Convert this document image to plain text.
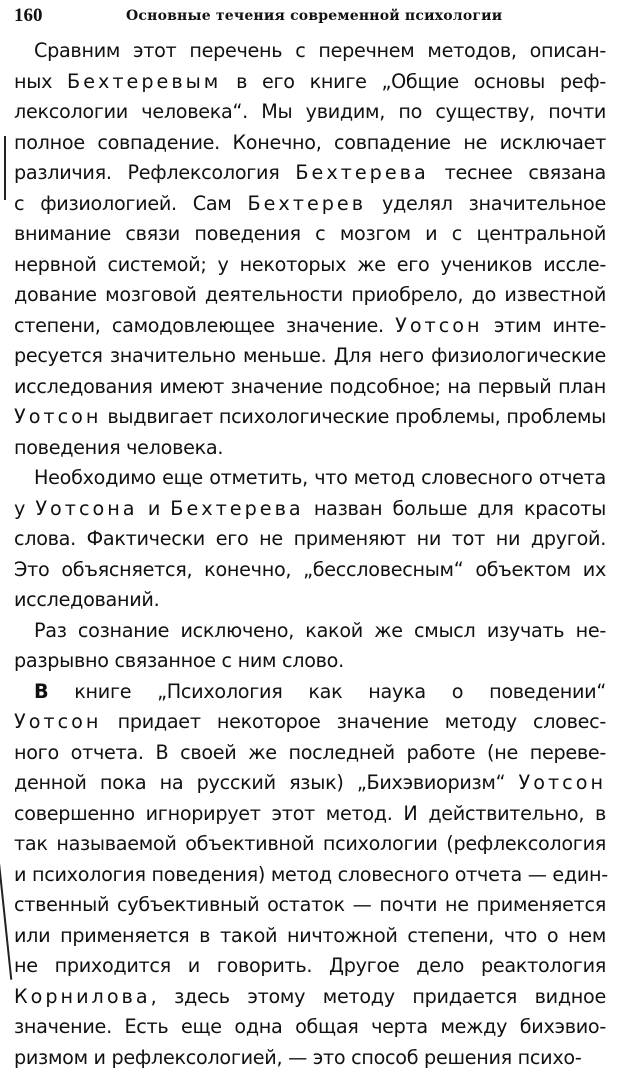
160	Основные течения современной психологии
Сравним этот перечень с перечнем методов, описан-
ных Бехтеревым в его книге „Общие основы реф-
лексологии человека“. Мы увидим, по существу, почти
полное совпадение. Конечно, совпадение не исключает
различия. Рефлексология Бехтерева теснее связана
с физиологией. Сам Бехтерев уделял значительное
внимание связи поведения с мозгом и с центральной
нервной системой; у некоторых же его учеников иссле-
дование мозговой деятельности приобрело, до известной
степени, самодовлеющее значение. Уотсон этим инте-
ресуется значительно меньше. Для него физиологические
исследования имеют значение подсобное; на первый план
Уотсон выдвигает психологические проблемы, проблемы
поведения человека.
Необходимо еще отметить, что метод словесного отчета
у Уотсона и Бехтерева назван больше для красоты
слова. Фактически его не применяют ни тот ни другой.
Это объясняется, конечно, „бессловесным“ объектом их
исследований.
Раз сознание исключено, какой же смысл изучать не-
разрывно связанное с ним слово.
В книге „Психология как наука о поведении“
Уотсон придает некоторое значение методу словес-
ного отчета. В своей же последней работе (не переве-
денной пока на русский язык) „Бихэвиоризм“ Уотсон
совершенно игнорирует этот метод. И действительно, в
так называемой объективной психологии (рефлексология
и психология поведения) метод словесного отчета — един-
ственный субъективный остаток — почти не применяется
или применяется в такой ничтожной степени, что о нем
не приходится и говорить. Другое дело реактология
Корнилова, здесь этому методу придается видное
значение. Есть еще одна общая черта между бихэвио-
ризмом и рефлексологией, — это способ решения психо-
